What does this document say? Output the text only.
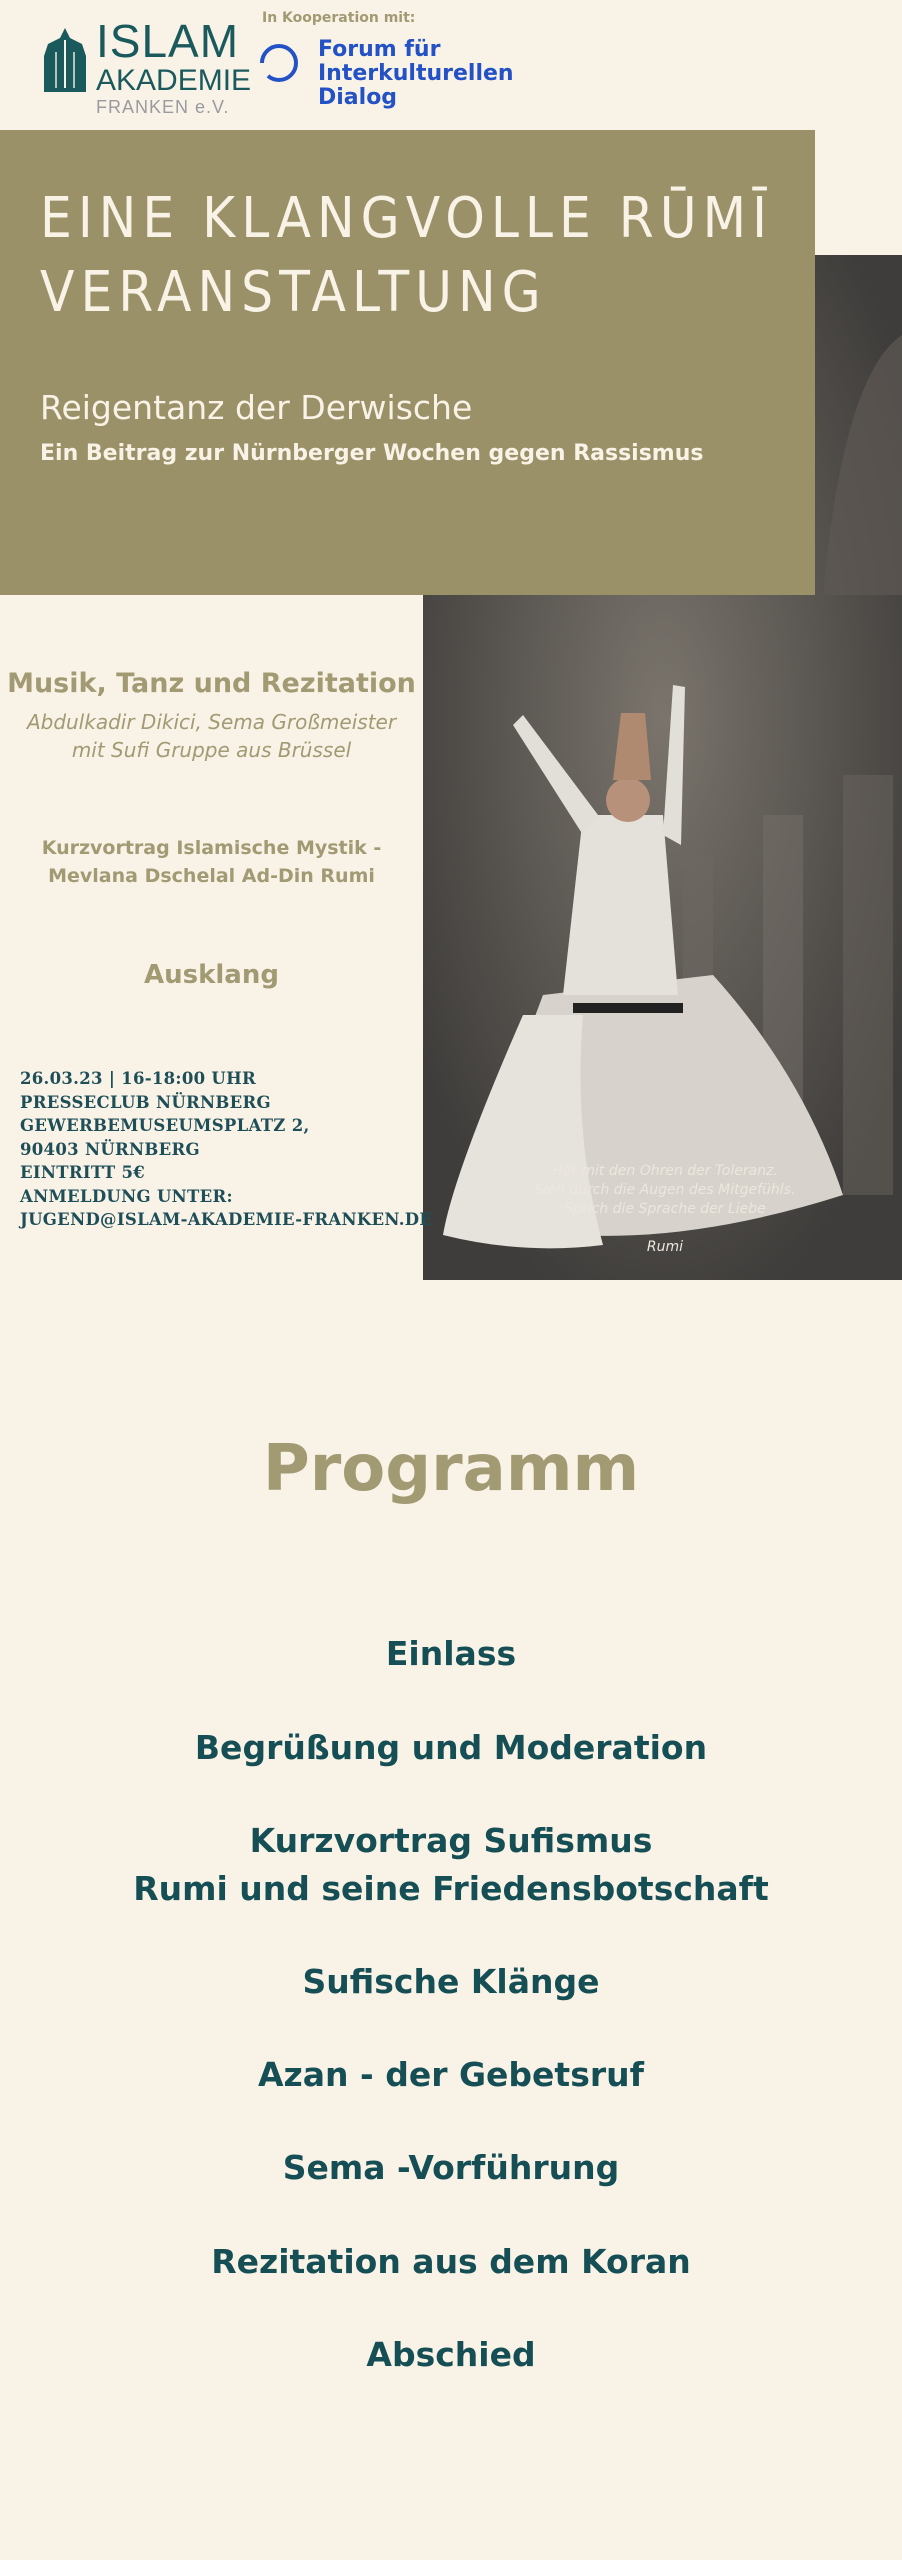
ISLAM
AKADEMIE
FRANKEN e.V.
In Kooperation mit:
Forum für
Interkulturellen
Dialog
Hör mit den Ohren der Toleranz.
Sieh durch die Augen des Mitgefühls.
Sprich die Sprache der Liebe
Rumi
EINE KLANGVOLLE RŪMĪ
VERANSTALTUNG
Reigentanz der Derwische
Ein Beitrag zur Nürnberger Wochen gegen Rassismus
Musik, Tanz und Rezitation
Abdulkadir Dikici, Sema Großmeister
mit Sufi Gruppe aus Brüssel
Kurzvortrag Islamische Mystik -
Mevlana Dschelal Ad-Din Rumi
Ausklang
26.03.23 | 16-18:00 UHR
PRESSECLUB NÜRNBERG
GEWERBEMUSEUMSPLATZ 2,
90403 NÜRNBERG
EINTRITT 5€
ANMELDUNG UNTER:
JUGEND@ISLAM-AKADEMIE-FRANKEN.DE
Programm
Einlass
Begrüßung und Moderation
Kurzvortrag Sufismus
Rumi und seine Friedensbotschaft
Sufische Klänge
Azan - der Gebetsruf
Sema -Vorführung
Rezitation aus dem Koran
Abschied
